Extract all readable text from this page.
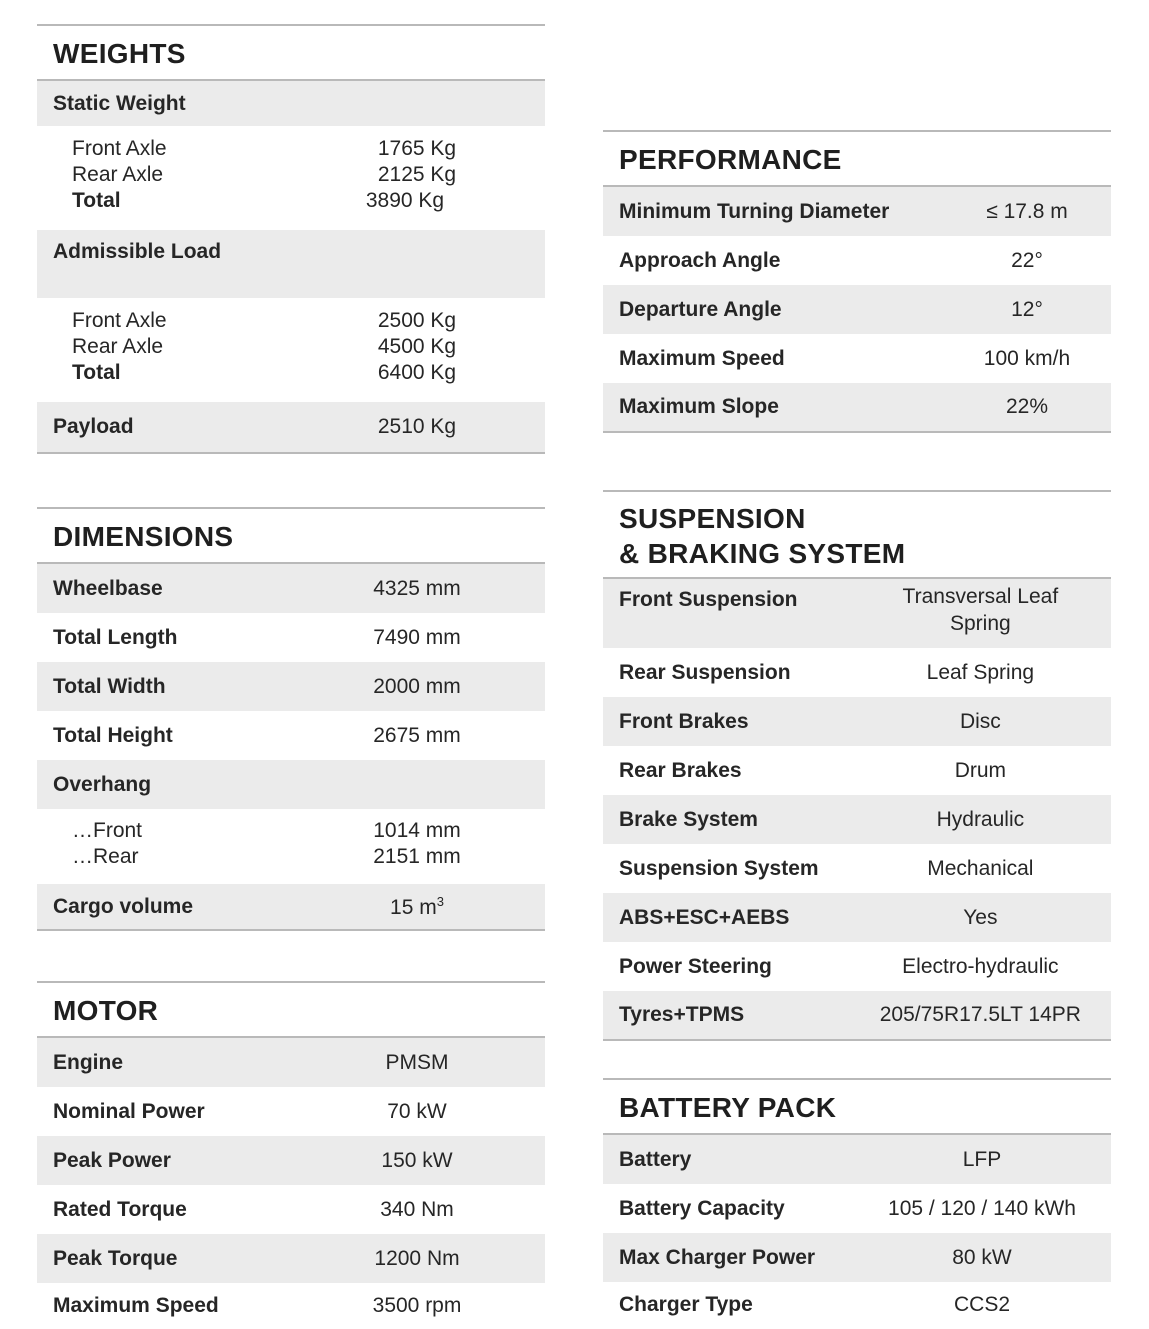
WEIGHTS
Static Weight
Front Axle	1765 Kg
Rear Axle	2125 Kg
Total	3890 Kg
Admissible Load
Front Axle	2500 Kg
Rear Axle	4500 Kg
Total	6400 Kg
Payload	2510 Kg
DIMENSIONS
Wheelbase	4325 mm
Total Length	7490 mm
Total Width	2000 mm
Total Height	2675 mm
Overhang
…Front	1014 mm
…Rear	2151 mm
Cargo volume	15 $m^3$
MOTOR
Engine	PMSM
Nominal Power	70 kW
Peak Power	150 kW
Rated Torque	340 Nm
Peak Torque	1200 Nm
Maximum Speed	3500 rpm
PERFORMANCE
Minimum Turning Diameter	≤ 17.8 m
Approach Angle	22°
Departure Angle	12°
Maximum Speed	100 km/h
Maximum Slope	22%
SUSPENSION
& BRAKING SYSTEM
Front Suspension	Transversal Leaf
Spring
Rear Suspension	Leaf Spring
Front Brakes	Disc
Rear Brakes	Drum
Brake System	Hydraulic
Suspension System	Mechanical
ABS+ESC+AEBS	Yes
Power Steering	Electro-hydraulic
Tyres+TPMS	205/75R17.5LT 14PR
BATTERY PACK
Battery	LFP
Battery Capacity	105 / 120 / 140 kWh
Max Charger Power	80 kW
Charger Type	CCS2
